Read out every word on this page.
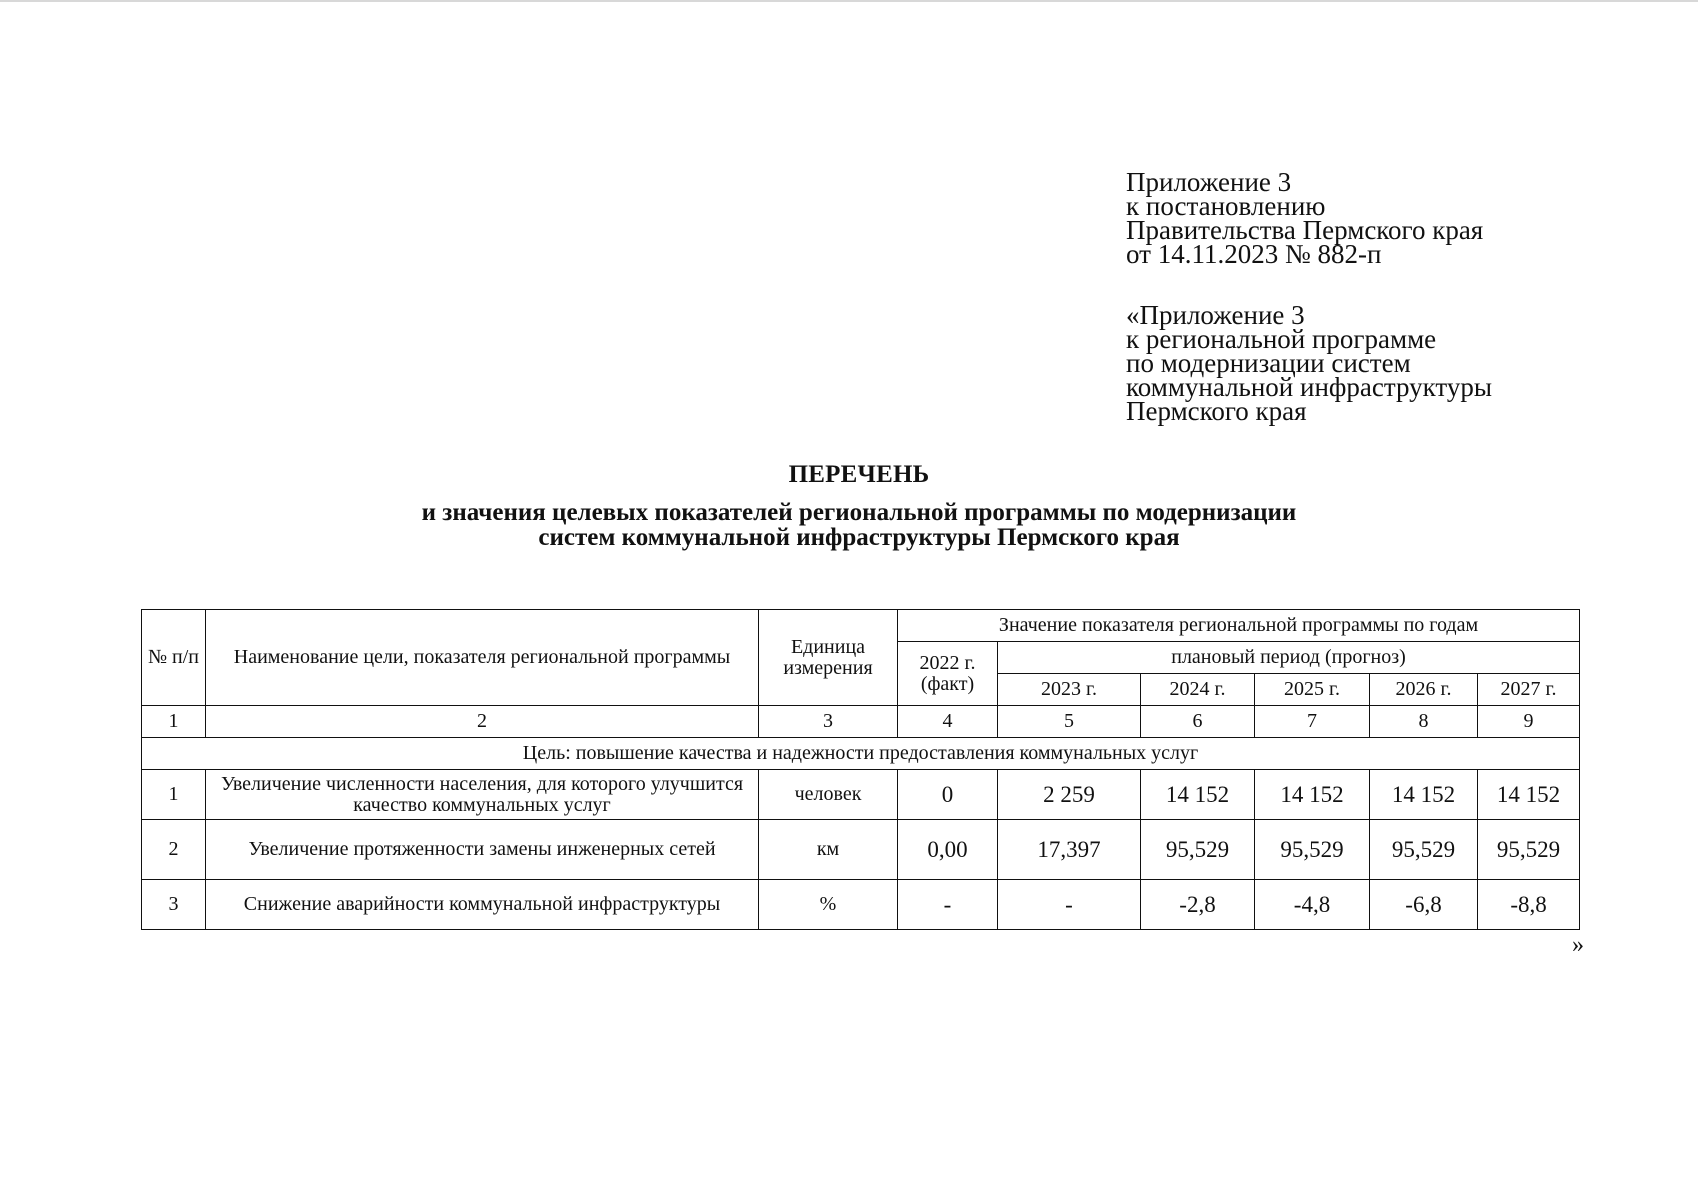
Приложение 3
к постановлению
Правительства Пермского края
от 14.11.2023 № 882-п
«Приложение 3
к региональной программе
по модернизации систем
коммунальной инфраструктуры
Пермского края
ПЕРЕЧЕНЬ
и значения целевых показателей региональной программы по модернизации
систем коммунальной инфраструктуры Пермского края
№ п/п	Наименование цели, показателя региональной программы	Единица измерения	Значение показателя региональной программы по годам					
			2022 г. (факт)	плановый период (прогноз)				
				2023 г.	2024 г.	2025 г.	2026 г.	2027 г.
1	2	3	4	5	6	7	8	9
Цель: повышение качества и надежности предоставления коммунальных услуг								
1	Увеличение численности населения, для которого улучшится качество коммунальных услуг	человек	0	2 259	14 152	14 152	14 152	14 152
2	Увеличение протяженности замены инженерных сетей	км	0,00	17,397	95,529	95,529	95,529	95,529
3	Снижение аварийности коммунальной инфраструктуры	%	-	-	-2,8	-4,8	-6,8	-8,8
»
